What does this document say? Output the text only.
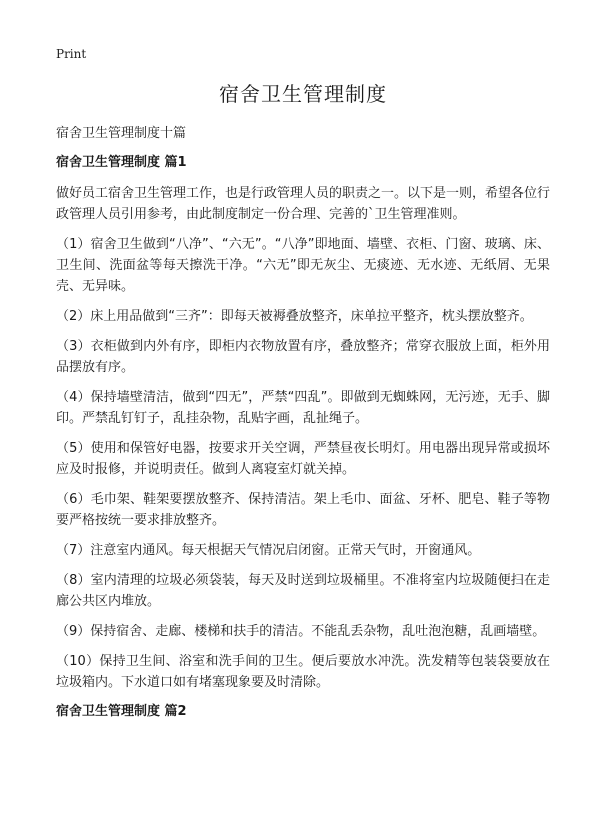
Print
宿舍卫生管理制度
宿舍卫生管理制度十篇
宿舍卫生管理制度 篇1

做好员工宿舍卫生管理工作，也是行政管理人员的职责之一。以下是一则，希望各位行政管理人员引用参考，由此制度制定一份合理、完善的`卫生管理准则。

（1）宿舍卫生做到“八净”、“六无”。“八净”即地面、墙壁、衣柜、门窗、玻璃、床、卫生间、洗面盆等每天擦洗干净。“六无”即无灰尘、无痰迹、无水迹、无纸屑、无果壳、无异味。

（2）床上用品做到“三齐”：即每天被褥叠放整齐，床单拉平整齐，枕头摆放整齐。

（3）衣柜做到内外有序，即柜内衣物放置有序，叠放整齐；常穿衣服放上面，柜外用品摆放有序。

（4）保持墙壁清洁，做到“四无”，严禁“四乱”。即做到无蜘蛛网，无污迹，无手、脚印。严禁乱钉钉子，乱挂杂物，乱贴字画，乱扯绳子。

（5）使用和保管好电器，按要求开关空调，严禁昼夜长明灯。用电器出现异常或损坏应及时报修，并说明责任。做到人离寝室灯就关掉。

（6）毛巾架、鞋架要摆放整齐、保持清洁。架上毛巾、面盆、牙杯、肥皂、鞋子等物要严格按统一要求排放整齐。

（7）注意室内通风。每天根据天气情况启闭窗。正常天气时，开窗通风。

（8）室内清理的垃圾必须袋装，每天及时送到垃圾桶里。不准将室内垃圾随便扫在走廊公共区内堆放。

（9）保持宿舍、走廊、楼梯和扶手的清洁。不能乱丢杂物，乱吐泡泡糖，乱画墙壁。

（10）保持卫生间、浴室和洗手间的卫生。便后要放水冲洗。洗发精等包装袋要放在垃圾箱内。下水道口如有堵塞现象要及时清除。

宿舍卫生管理制度 篇2
